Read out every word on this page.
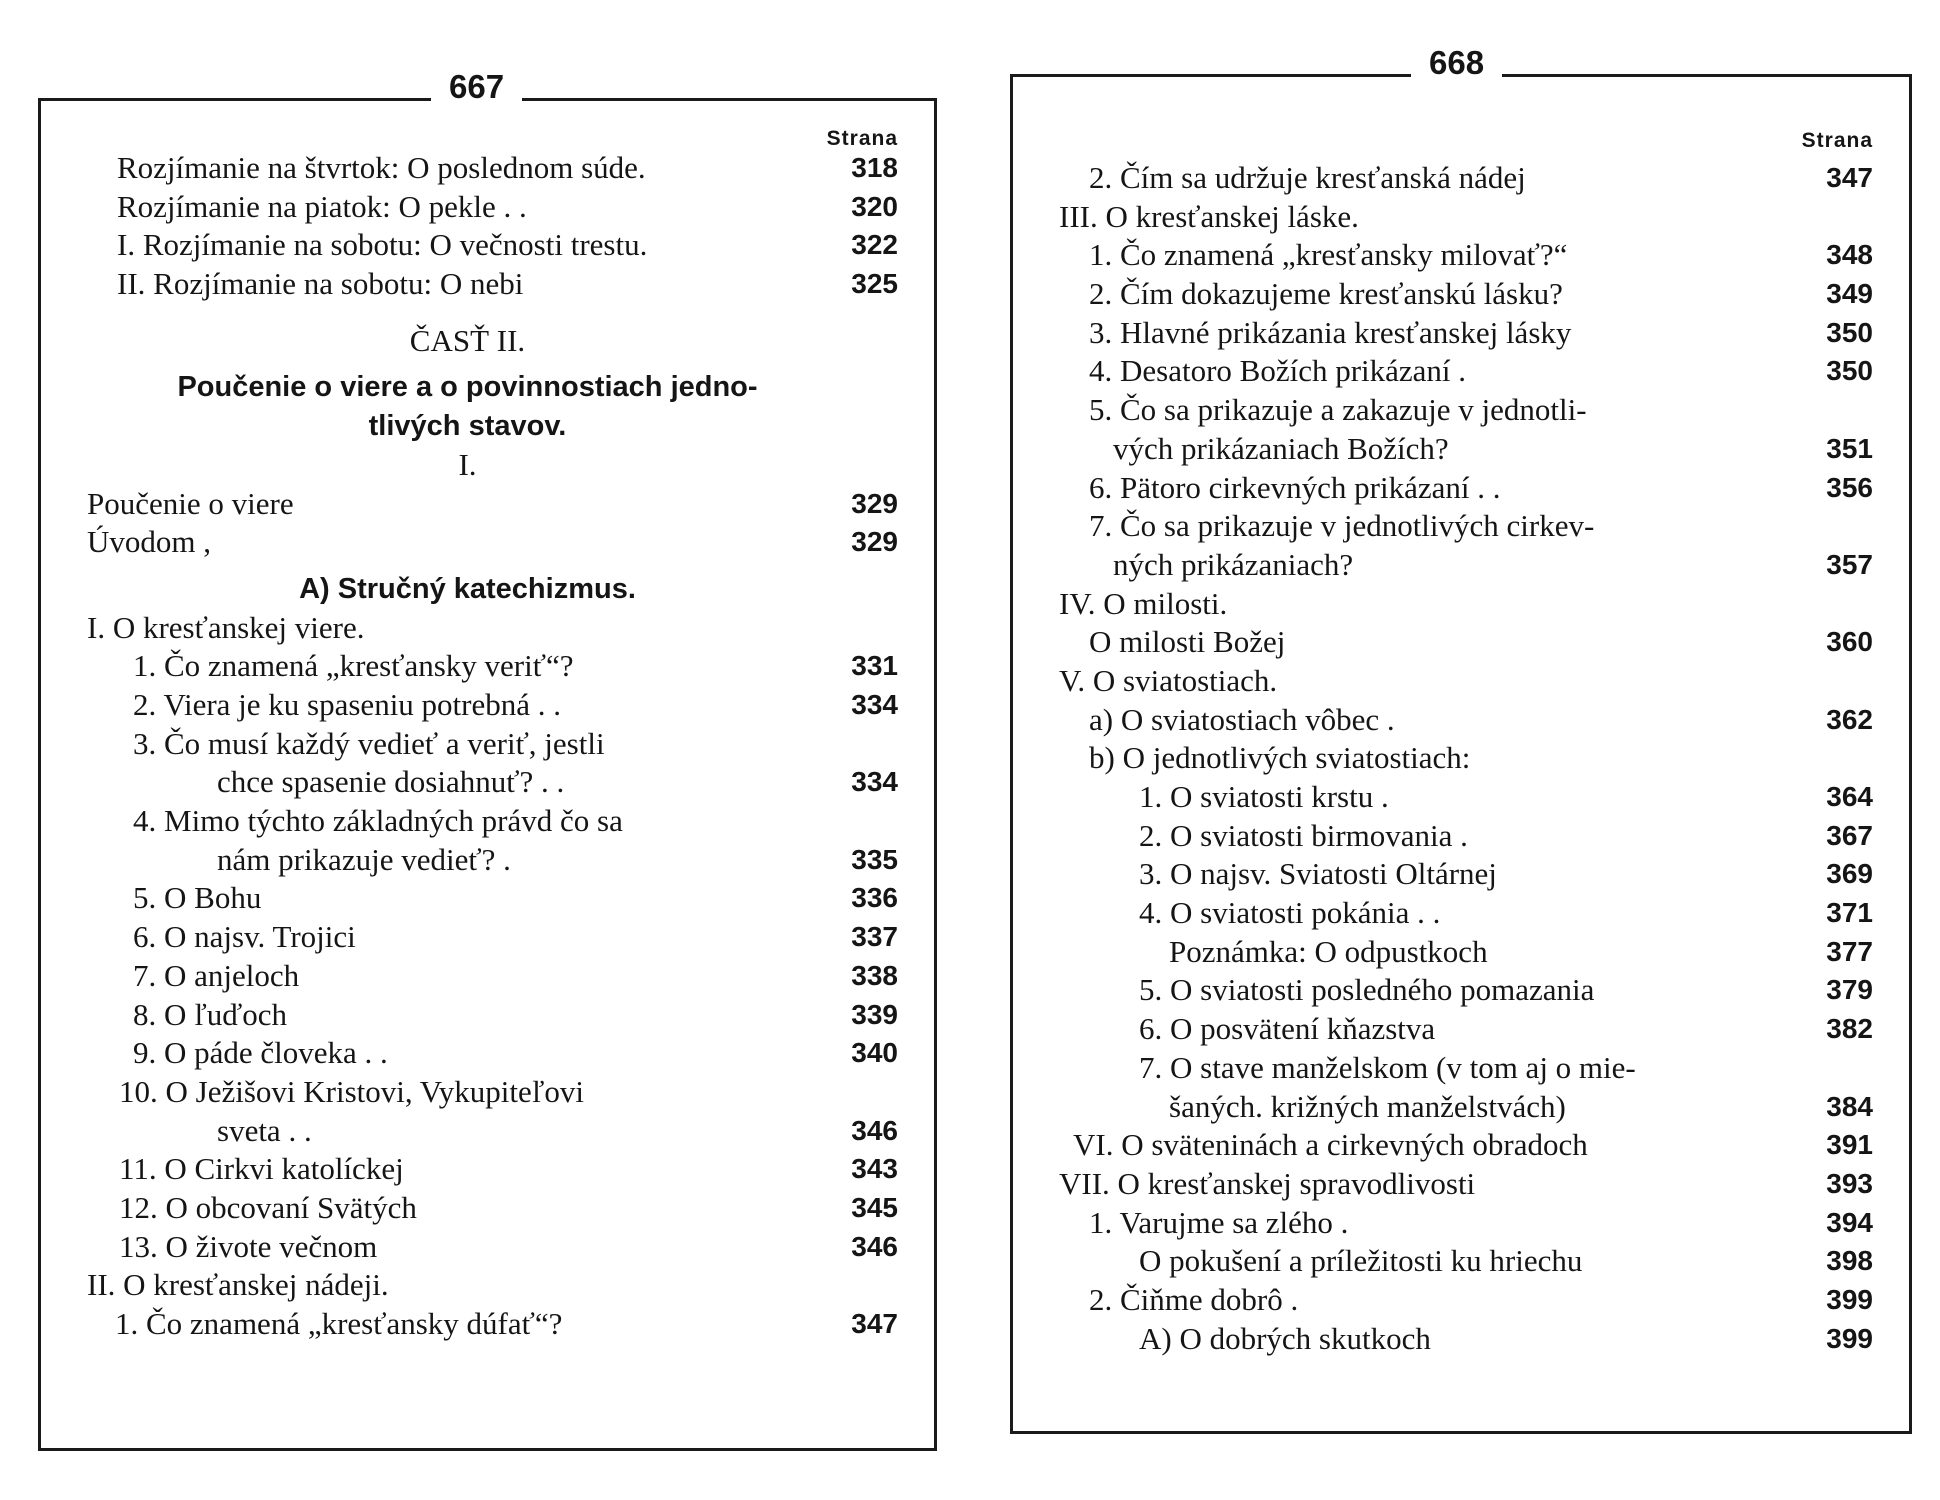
667
Strana
Rozjímanie na štvrtok: O poslednom súde.	318
Rozjímanie na piatok: O pekle . .	320
I. Rozjímanie na sobotu: O večnosti trestu.	322
II. Rozjímanie na sobotu: O nebi	325
ČASŤ II.
Poučenie o viere a o povinnostiach jedno-
tlivých stavov.
I.
Poučenie o viere	329
Úvodom ,	329
A) Stručný katechizmus.
I. O kresťanskej viere.
1. Čo znamená „kresťansky veriť“?	331
2. Viera je ku spaseniu potrebná . .	334
3. Čo musí každý vedieť a veriť, jestli
chce spasenie dosiahnuť? . .	334
4. Mimo týchto základných právd čo sa
nám prikazuje vedieť? .	335
5. O Bohu	336
6. O najsv. Trojici	337
7. O anjeloch	338
8. O ľuďoch	339
9. O páde človeka . .	340
10. O Ježišovi Kristovi, Vykupiteľovi
sveta . .	346
11. O Cirkvi katolíckej	343
12. O obcovaní Svätých	345
13. O živote večnom	346
II. O kresťanskej nádeji.
1. Čo znamená „kresťansky dúfať“?	347
668
Strana
2. Čím sa udržuje kresťanská nádej	347
III. O kresťanskej láske.
1. Čo znamená „kresťansky milovať?“	348
2. Čím dokazujeme kresťanskú lásku?	349
3. Hlavné prikázania kresťanskej lásky	350
4. Desatoro Božích prikázaní .	350
5. Čo sa prikazuje a zakazuje v jednotli-
vých prikázaniach Božích?	351
6. Pätoro cirkevných prikázaní . .	356
7. Čo sa prikazuje v jednotlivých cirkev-
ných prikázaniach?	357
IV. O milosti.
O milosti Božej	360
V. O sviatostiach.
a) O sviatostiach vôbec .	362
b) O jednotlivých sviatostiach:
1. O sviatosti krstu .	364
2. O sviatosti birmovania .	367
3. O najsv. Sviatosti Oltárnej	369
4. O sviatosti pokánia . .	371
Poznámka: O odpustkoch	377
5. O sviatosti posledného pomazania	379
6. O posvätení kňazstva	382
7. O stave manželskom (v tom aj o mie-
šaných. križných manželstvách)	384
VI. O sväteninách a cirkevných obradoch	391
VII. O kresťanskej spravodlivosti	393
1. Varujme sa zlého .	394
O pokušení a príležitosti ku hriechu	398
2. Čiňme dobrô .	399
A) O dobrých skutkoch	399
